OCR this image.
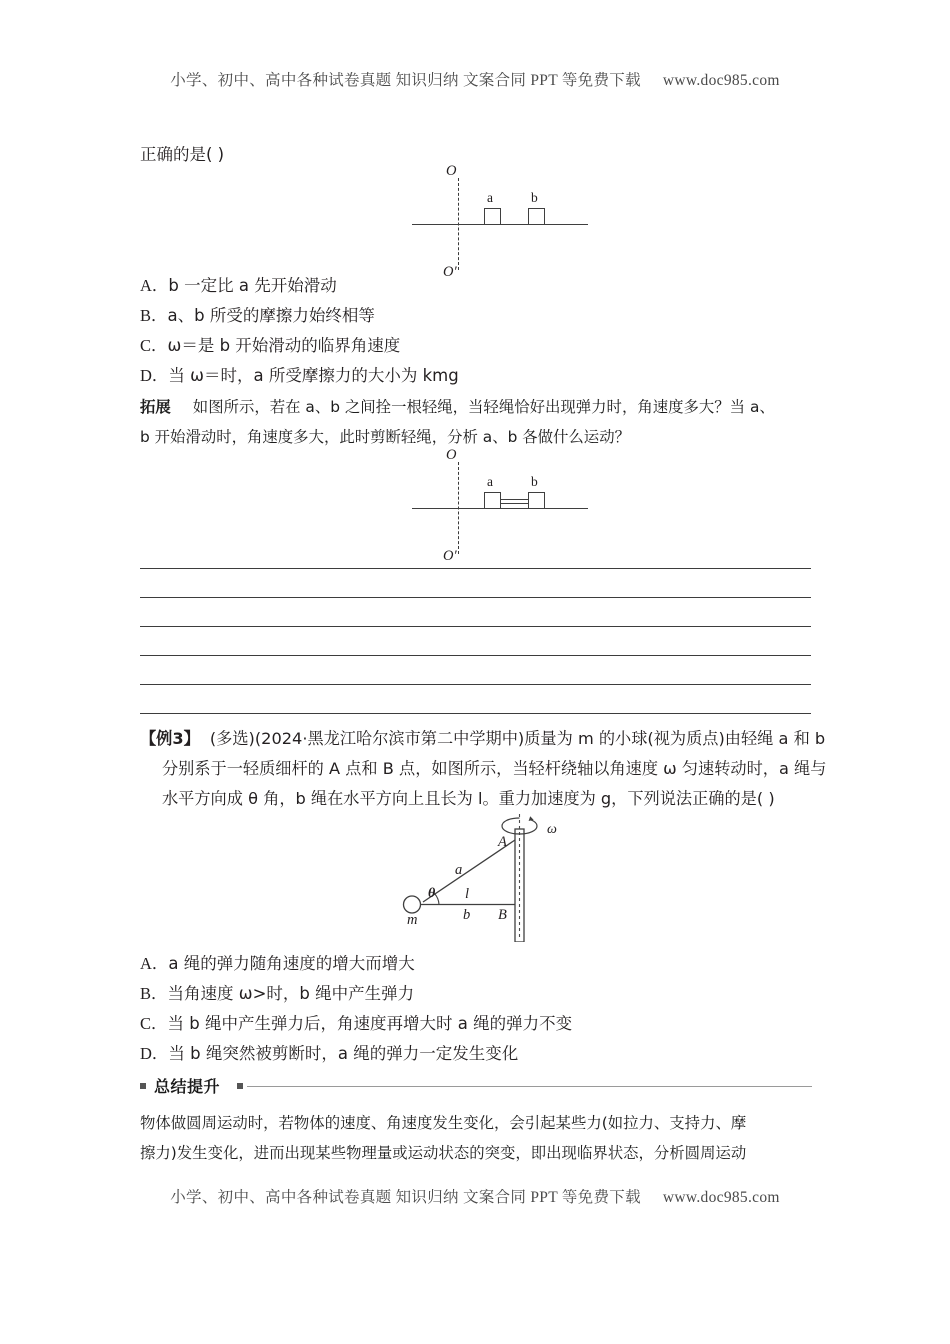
小学、初中、高中各种试卷真题 知识归纳 文案合同 PPT 等免费下载 www.doc985.com
正确的是( )
O
a	b
O′
A．b 一定比 a 先开始滑动
B．a、b 所受的摩擦力始终相等
C．ω＝是 b 开始滑动的临界角速度
D．当 ω＝时，a 所受摩擦力的大小为 kmg
拓展 如图所示，若在 a、b 之间拴一根轻绳，当轻绳恰好出现弹力时，角速度多大？当 a、
b 开始滑动时，角速度多大，此时剪断轻绳，分析 a、b 各做什么运动？
O
a	b
O′
【例3】 (多选)(2024·黑龙江哈尔滨市第二中学期中)质量为 m 的小球(视为质点)由轻绳 a 和 b
分别系于一轻质细杆的 A 点和 B 点，如图所示，当轻杆绕轴以角速度 ω 匀速转动时，a 绳与
水平方向成 θ 角，b 绳在水平方向上且长为 l。重力加速度为 g，下列说法正确的是( )
ω
A
B
a
b
l
θ
m
A．a 绳的弹力随角速度的增大而增大
B．当角速度 ω>时，b 绳中产生弹力
C．当 b 绳中产生弹力后，角速度再增大时 a 绳的弹力不变
D．当 b 绳突然被剪断时，a 绳的弹力一定发生变化
总结提升
物体做圆周运动时，若物体的速度、角速度发生变化，会引起某些力(如拉力、支持力、摩
擦力)发生变化，进而出现某些物理量或运动状态的突变，即出现临界状态，分析圆周运动
小学、初中、高中各种试卷真题 知识归纳 文案合同 PPT 等免费下载 www.doc985.com
